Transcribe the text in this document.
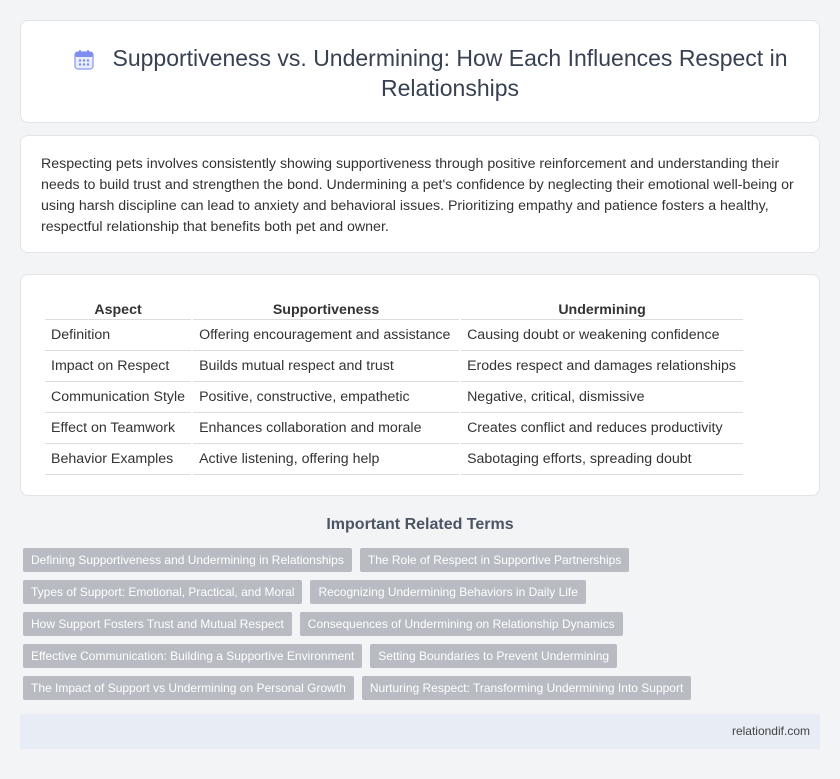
Supportiveness vs. Undermining: How Each Influences Respect in Relationships

Respecting pets involves consistently showing supportiveness through positive reinforcement and understanding their needs to build trust and strengthen the bond. Undermining a pet's confidence by neglecting their emotional well-being or using harsh discipline can lead to anxiety and behavioral issues. Prioritizing empathy and patience fosters a healthy, respectful relationship that benefits both pet and owner.

Aspect	Supportiveness	Undermining
Definition	Offering encouragement and assistance	Causing doubt or weakening confidence
Impact on Respect	Builds mutual respect and trust	Erodes respect and damages relationships
Communication Style	Positive, constructive, empathetic	Negative, critical, dismissive
Effect on Teamwork	Enhances collaboration and morale	Creates conflict and reduces productivity
Behavior Examples	Active listening, offering help	Sabotaging efforts, spreading doubt
Important Related Terms
Defining Supportiveness and Undermining in Relationships	The Role of Respect in Supportive Partnerships
Types of Support: Emotional, Practical, and Moral	Recognizing Undermining Behaviors in Daily Life
How Support Fosters Trust and Mutual Respect	Consequences of Undermining on Relationship Dynamics
Effective Communication: Building a Supportive Environment	Setting Boundaries to Prevent Undermining
The Impact of Support vs Undermining on Personal Growth	Nurturing Respect: Transforming Undermining Into Support
relationdif.com
